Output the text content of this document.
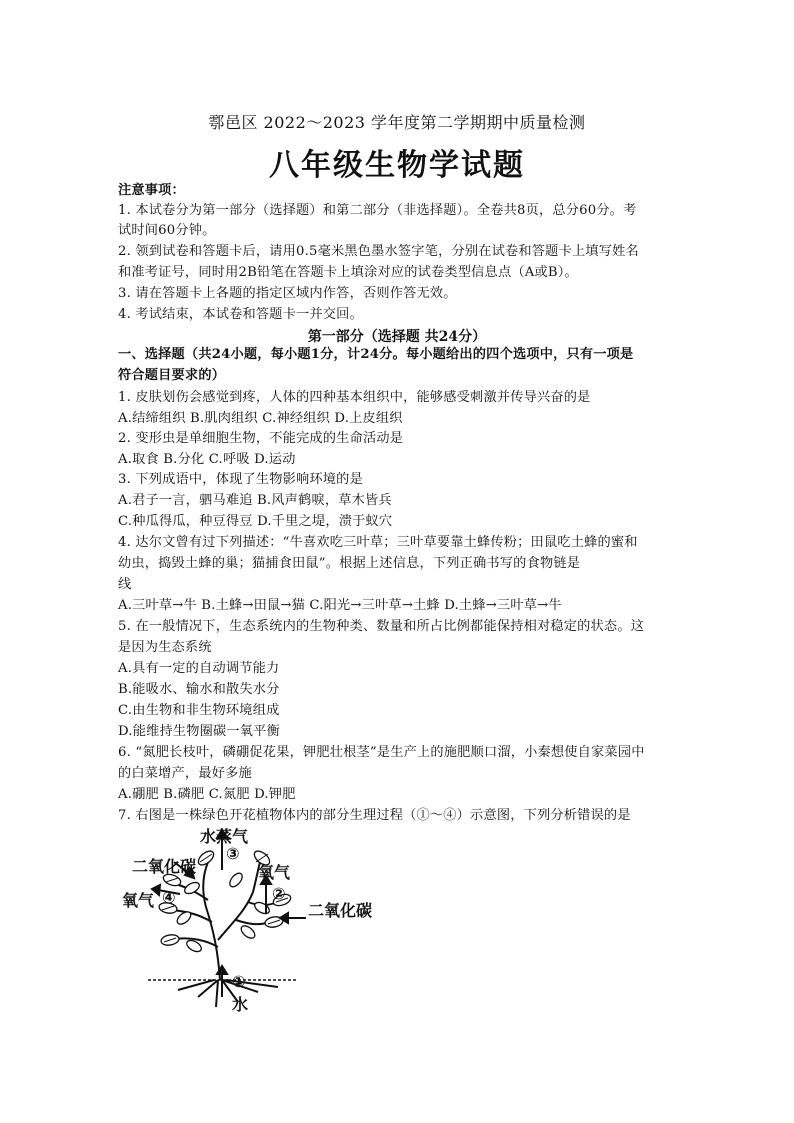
鄠邑区 2022～2023 学年度第二学期期中质量检测
八年级生物学试题
注意事项：
1. 本试卷分为第一部分（选择题）和第二部分（非选择题）。全卷共8页，总分60分。考
试时间60分钟。
2. 领到试卷和答题卡后，请用0.5毫米黑色墨水签字笔，分别在试卷和答题卡上填写姓名
和准考证号，同时用2B铅笔在答题卡上填涂对应的试卷类型信息点（A或B）。
3. 请在答题卡上各题的指定区域内作答，否则作答无效。
4. 考试结束，本试卷和答题卡一并交回。
第一部分（选择题 共24分）
一、选择题（共24小题，每小题1分，计24分。每小题给出的四个选项中，只有一项是
符合题目要求的）
1. 皮肤划伤会感觉到疼，人体的四种基本组织中，能够感受刺激并传导兴奋的是
A.结缔组织 B.肌肉组织 C.神经组织 D.上皮组织
2. 变形虫是单细胞生物，不能完成的生命活动是
A.取食 B.分化 C.呼吸 D.运动
3. 下列成语中，体现了生物影响环境的是
A.君子一言，驷马难追 B.风声鹤唳，草木皆兵
C.种瓜得瓜，种豆得豆 D.千里之堤，溃于蚁穴
4. 达尔文曾有过下列描述：“牛喜欢吃三叶草；三叶草要靠土蜂传粉；田鼠吃土蜂的蜜和
幼虫，捣毁土蜂的巢；猫捕食田鼠”。根据上述信息，下列正确书写的食物链是
线
A.三叶草→牛 B.土蜂→田鼠→猫 C.阳光→三叶草→土蜂 D.土蜂→三叶草→牛
5. 在一般情况下，生态系统内的生物种类、数量和所占比例都能保持相对稳定的状态。这
是因为生态系统
A.具有一定的自动调节能力
B.能吸水、输水和散失水分
C.由生物和非生物环境组成
D.能维持生物圈碳一氧平衡
6. “氮肥长枝叶，磷硼促花果，钾肥壮根茎”是生产上的施肥顺口溜，小秦想使自家菜园中
的白菜增产，最好多施
A.硼肥 B.磷肥 C.氮肥 D.钾肥
7. 右图是一株绿色开花植物体内的部分生理过程（①～④）示意图，下列分析错误的是
水蒸气
③
二氧化碳	氧气
②
氧气 ④
二氧化碳
①
水
